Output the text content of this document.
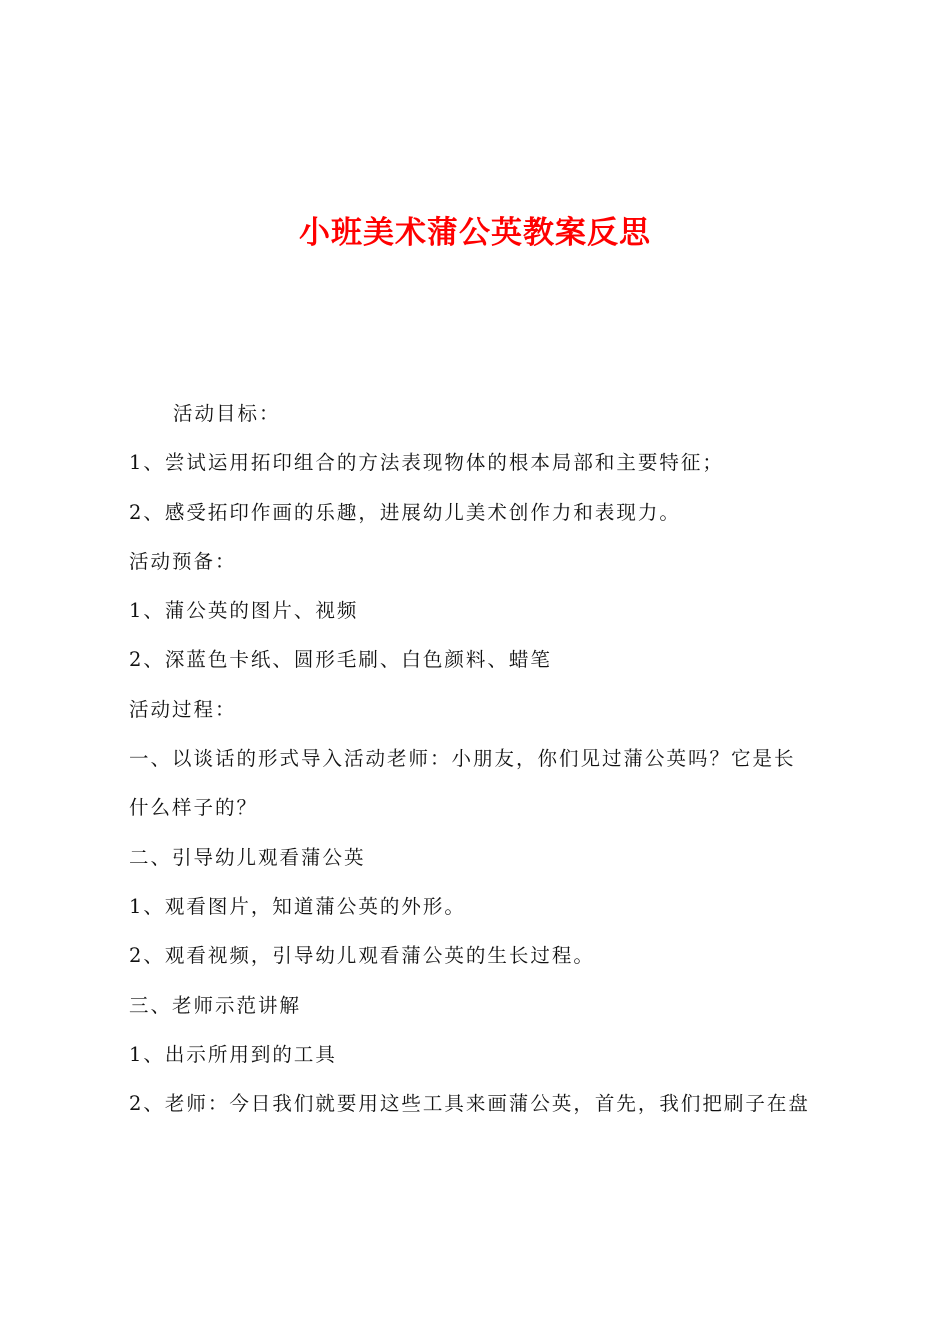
小班美术蒲公英教案反思
活动目标：
1、尝试运用拓印组合的方法表现物体的根本局部和主要特征；
2、感受拓印作画的乐趣，进展幼儿美术创作力和表现力。
活动预备：
1、蒲公英的图片、视频
2、深蓝色卡纸、圆形毛刷、白色颜料、蜡笔
活动过程：
一、以谈话的形式导入活动老师：小朋友，你们见过蒲公英吗？它是长
什么样子的？
二、引导幼儿观看蒲公英
1、观看图片，知道蒲公英的外形。
2、观看视频，引导幼儿观看蒲公英的生长过程。
三、老师示范讲解
1、出示所用到的工具
2、老师：今日我们就要用这些工具来画蒲公英，首先，我们把刷子在盘
